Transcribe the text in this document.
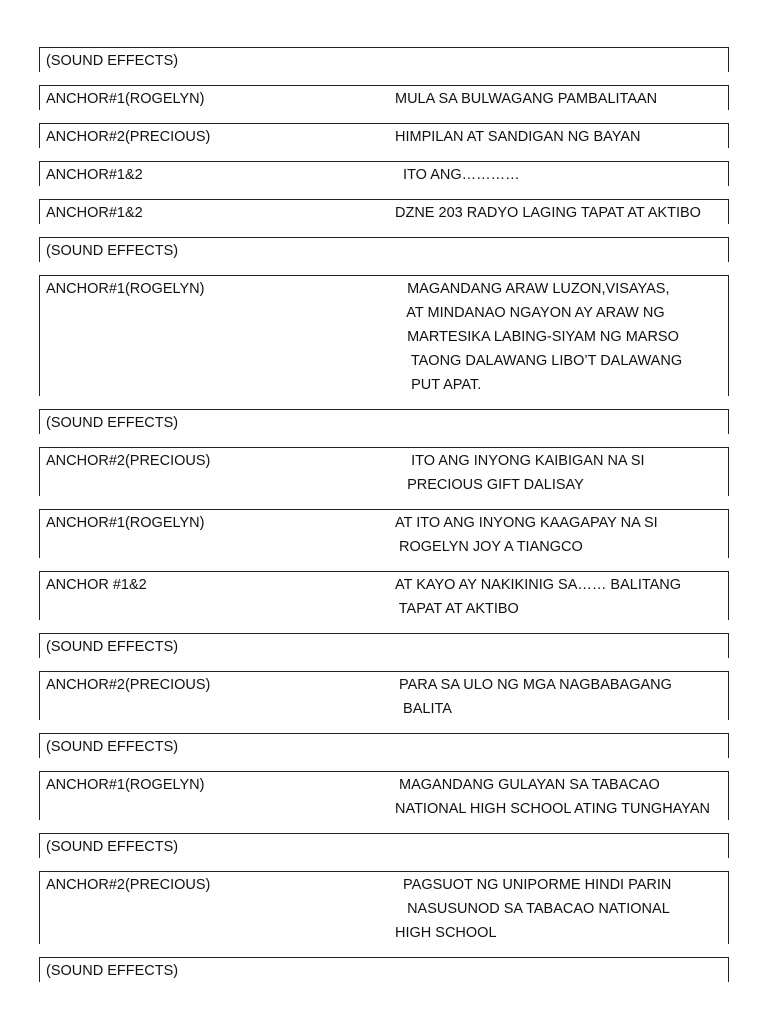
(SOUND EFFECTS)
ANCHOR#1(ROGELYN)	MULA SA BULWAGANG PAMBALITAAN
ANCHOR#2(PRECIOUS)	HIMPILAN AT SANDIGAN NG BAYAN
ANCHOR#1&2	ITO ANG…………
ANCHOR#1&2	DZNE 203 RADYO LAGING TAPAT AT AKTIBO
(SOUND EFFECTS)
ANCHOR#1(ROGELYN)	MAGANDANG ARAW LUZON,VISAYAS,
AT MINDANAO NGAYON AY ARAW NG
MARTESIKA LABING-SIYAM NG MARSO
TAONG DALAWANG LIBO’T DALAWANG
PUT APAT.
(SOUND EFFECTS)
ANCHOR#2(PRECIOUS)	ITO ANG INYONG KAIBIGAN NA SI
PRECIOUS GIFT DALISAY
ANCHOR#1(ROGELYN)	AT ITO ANG INYONG KAAGAPAY NA SI
ROGELYN JOY A TIANGCO
ANCHOR #1&2	AT KAYO AY NAKIKINIG SA…… BALITANG
TAPAT AT AKTIBO
(SOUND EFFECTS)
ANCHOR#2(PRECIOUS)	PARA SA ULO NG MGA NAGBABAGANG
BALITA
(SOUND EFFECTS)
ANCHOR#1(ROGELYN)	MAGANDANG GULAYAN SA TABACAO
NATIONAL HIGH SCHOOL ATING TUNGHAYAN
(SOUND EFFECTS)
ANCHOR#2(PRECIOUS)	PAGSUOT NG UNIPORME HINDI PARIN
NASUSUNOD SA TABACAO NATIONAL
HIGH SCHOOL
(SOUND EFFECTS)
